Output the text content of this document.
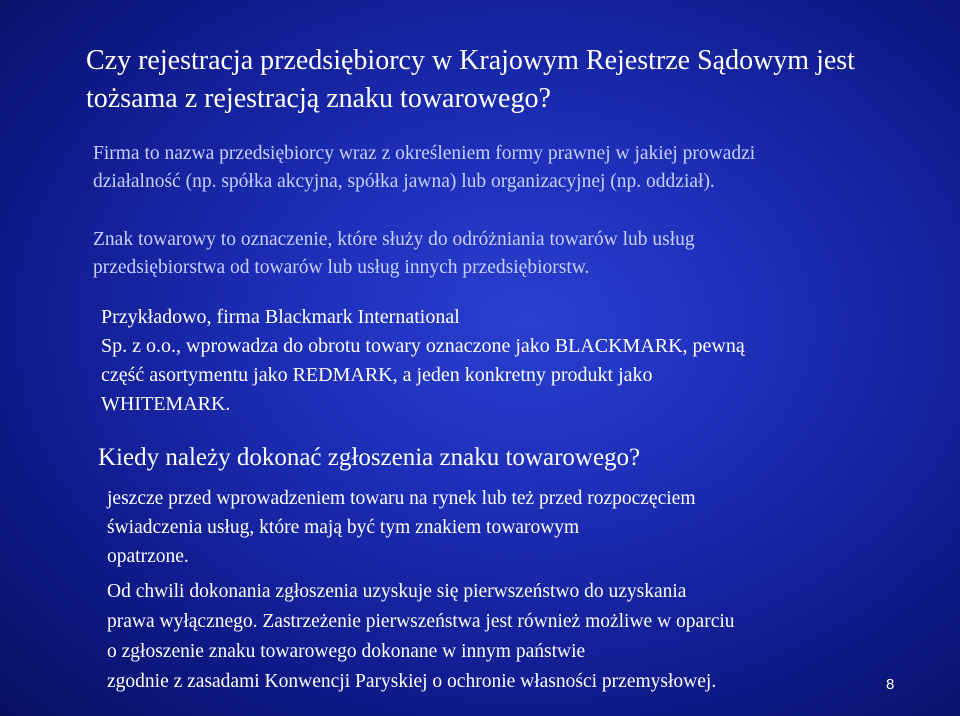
Czy rejestracja przedsiębiorcy w Krajowym Rejestrze Sądowym jest tożsama z rejestracją znaku towarowego?

Firma to nazwa przedsiębiorcy wraz z określeniem formy prawnej w jakiej prowadzi działalność (np. spółka akcyjna, spółka jawna) lub organizacyjnej (np. oddział).

Znak towarowy to oznaczenie, które służy do odróżniania towarów lub usług przedsiębiorstwa od towarów lub usług innych przedsiębiorstw.

Przykładowo, firma Blackmark International
Sp. z o.o., wprowadza do obrotu towary oznaczone jako BLACKMARK, pewną
część asortymentu jako REDMARK, a jeden konkretny produkt jako
WHITEMARK.
Kiedy należy dokonać zgłoszenia znaku towarowego?
jeszcze przed wprowadzeniem towaru na rynek lub też przed rozpoczęciem
świadczenia usług, które mają być tym znakiem towarowym
opatrzone.
Od chwili dokonania zgłoszenia uzyskuje się pierwszeństwo do uzyskania
prawa wyłącznego. Zastrzeżenie pierwszeństwa jest również możliwe w oparciu
o zgłoszenie znaku towarowego dokonane w innym państwie
zgodnie z zasadami Konwencji Paryskiej o ochronie własności przemysłowej.	8
